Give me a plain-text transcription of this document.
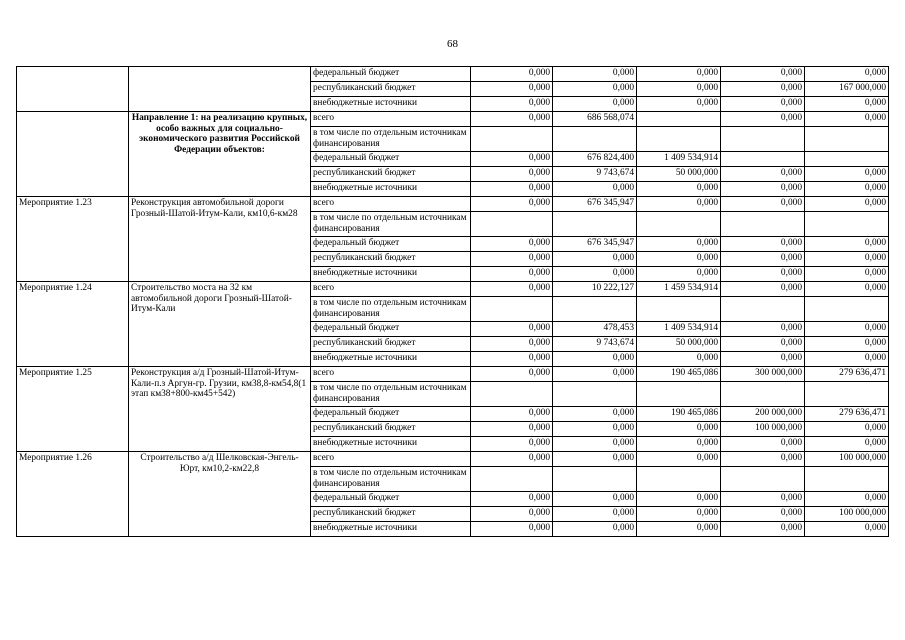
68
		федеральный бюджет	0,000	0,000	0,000	0,000	0,000
		республиканский бюджет	0,000	0,000	0,000	0,000	167 000,000
		внебюджетные источники	0,000	0,000	0,000	0,000	0,000
	Направление 1: на реализацию крупных, особо важных для социально-экономического развития Российской Федерации объектов:	всего	0,000	686 568,074		0,000	0,000
		в том числе по отдельным источникам финансирования					
		федеральный бюджет	0,000	676 824,400	1 409 534,914		
		республиканский бюджет	0,000	9 743,674	50 000,000	0,000	0,000
		внебюджетные источники	0,000	0,000	0,000	0,000	0,000
Мероприятие 1.23	Реконструкция автомобильной дороги Грозный-Шатой-Итум-Кали, км10,6-км28	всего	0,000	676 345,947	0,000	0,000	0,000
		в том числе по отдельным источникам финансирования					
		федеральный бюджет	0,000	676 345,947	0,000	0,000	0,000
		республиканский бюджет	0,000	0,000	0,000	0,000	0,000
		внебюджетные источники	0,000	0,000	0,000	0,000	0,000
Мероприятие 1.24	Строительство моста на 32 км автомобильной дороги Грозный-Шатой-Итум-Кали	всего	0,000	10 222,127	1 459 534,914	0,000	0,000
		в том числе по отдельным источникам финансирования					
		федеральный бюджет	0,000	478,453	1 409 534,914	0,000	0,000
		республиканский бюджет	0,000	9 743,674	50 000,000	0,000	0,000
		внебюджетные источники	0,000	0,000	0,000	0,000	0,000
Мероприятие 1.25	Реконструкция а/д Грозный-Шатой-Итум-Кали-п.з Аргун-гр. Грузии, км38,8-км54,8(1 этап км38+800-км45+542)	всего	0,000	0,000	190 465,086	300 000,000	279 636,471
		в том числе по отдельным источникам финансирования					
		федеральный бюджет	0,000	0,000	190 465,086	200 000,000	279 636,471
		республиканский бюджет	0,000	0,000	0,000	100 000,000	0,000
		внебюджетные источники	0,000	0,000	0,000	0,000	0,000
Мероприятие 1.26	Строительство а/д Шелковская-Энгель-Юрт, км10,2-км22,8	всего	0,000	0,000	0,000	0,000	100 000,000
		в том числе по отдельным источникам финансирования					
		федеральный бюджет	0,000	0,000	0,000	0,000	0,000
		республиканский бюджет	0,000	0,000	0,000	0,000	100 000,000
		внебюджетные источники	0,000	0,000	0,000	0,000	0,000
